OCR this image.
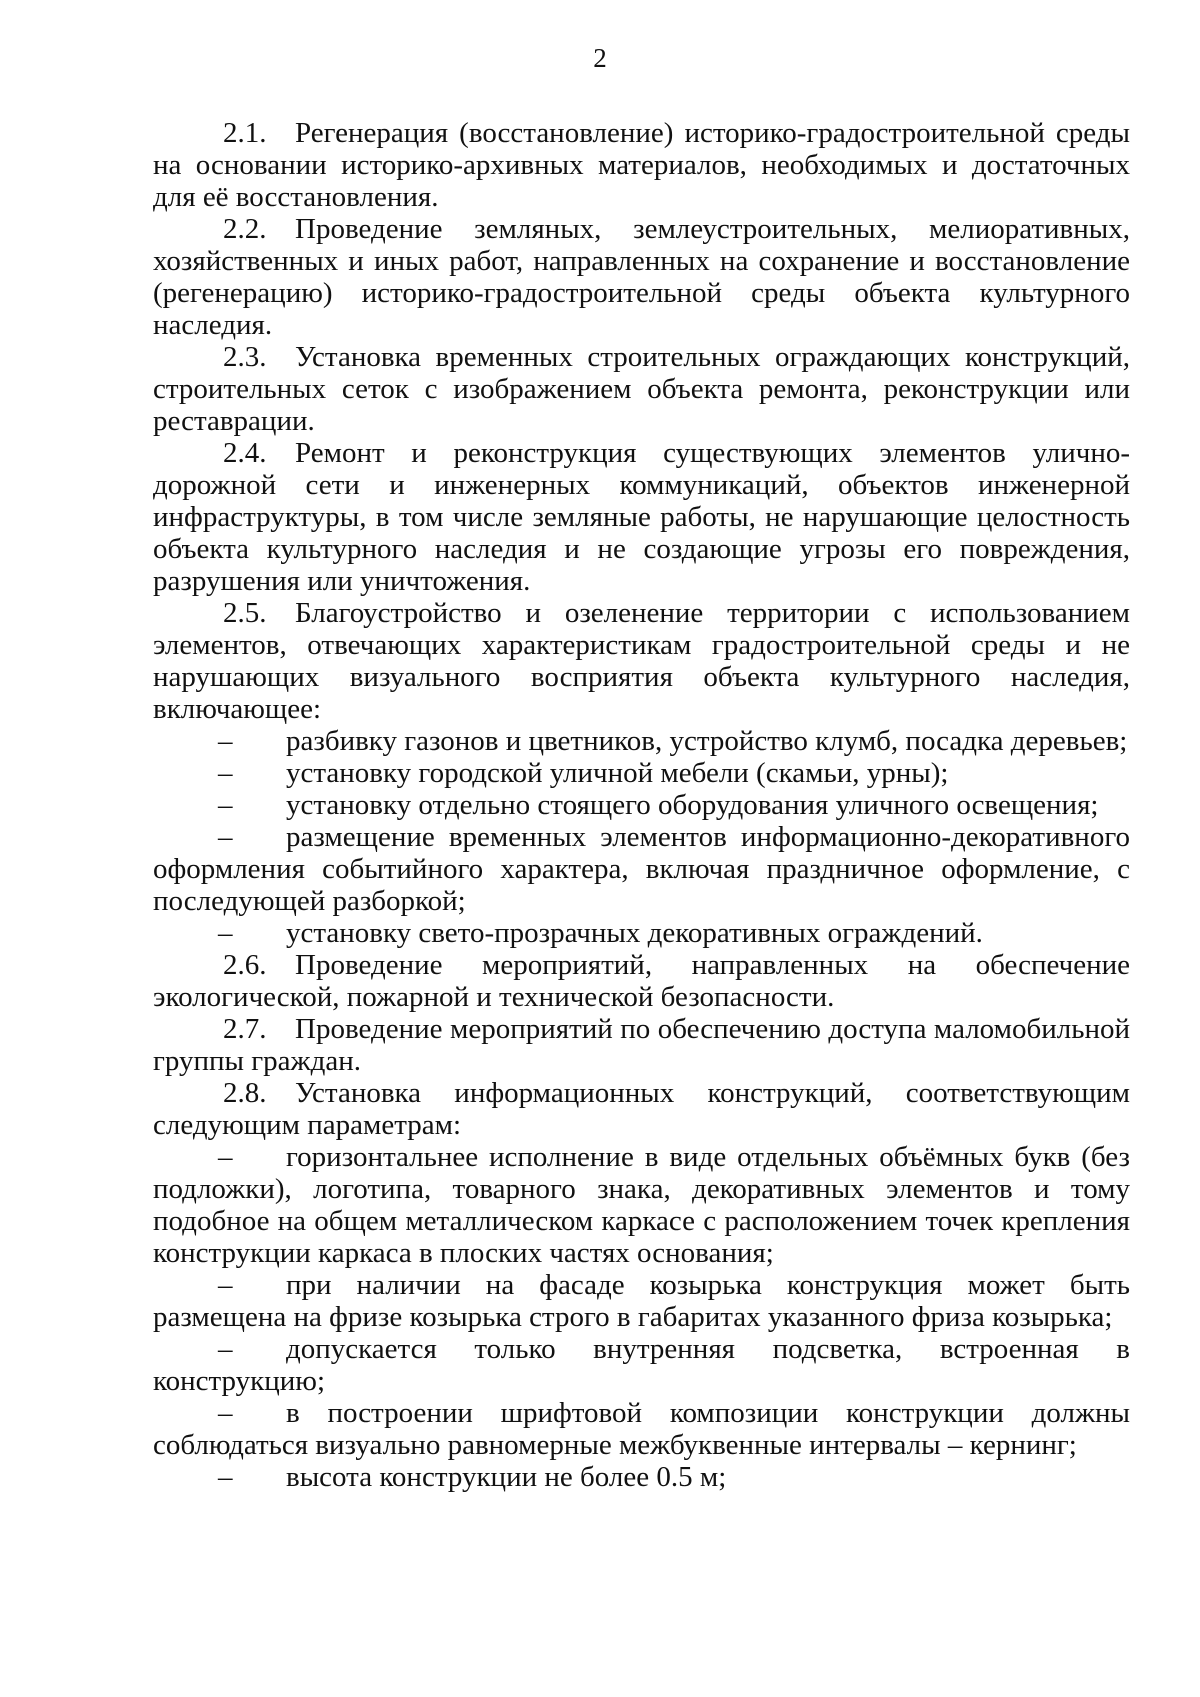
2

2.1. Регенерация (восстановление) историко-градостроительной среды на основании историко-архивных материалов, необходимых и достаточных для её восстановления.

2.2. Проведение земляных, землеустроительных, мелиоративных, хозяйственных и иных работ, направленных на сохранение и восстановление (регенерацию) историко-градостроительной среды объекта культурного наследия.

2.3. Установка временных строительных ограждающих конструкций, строительных сеток с изображением объекта ремонта, реконструкции или реставрации.

2.4. Ремонт и реконструкция существующих элементов улично-дорожной сети и инженерных коммуникаций, объектов инженерной инфраструктуры, в том числе земляные работы, не нарушающие целостность объекта культурного наследия и не создающие угрозы его повреждения, разрушения или уничтожения.

2.5. Благоустройство и озеленение территории с использованием элементов, отвечающих характеристикам градостроительной среды и не нарушающих визуального восприятия объекта культурного наследия, включающее:

– разбивку газонов и цветников, устройство клумб, посадка деревьев;

– установку городской уличной мебели (скамьи, урны);

– установку отдельно стоящего оборудования уличного освещения;

– размещение временных элементов информационно-декоративного оформления событийного характера, включая праздничное оформление, с последующей разборкой;

– установку свето-прозрачных декоративных ограждений.

2.6. Проведение мероприятий, направленных на обеспечение экологической, пожарной и технической безопасности.

2.7. Проведение мероприятий по обеспечению доступа маломобильной группы граждан.

2.8. Установка информационных конструкций, соответствующим следующим параметрам:

– горизонтальнее исполнение в виде отдельных объёмных букв (без подложки), логотипа, товарного знака, декоративных элементов и тому подобное на общем металлическом каркасе с расположением точек крепления конструкции каркаса в плоских частях основания;

– при наличии на фасаде козырька конструкция может быть размещена на фризе козырька строго в габаритах указанного фриза козырька;

– допускается только внутренняя подсветка, встроенная в конструкцию;

– в построении шрифтовой композиции конструкции должны соблюдаться визуально равномерные межбуквенные интервалы – кернинг;

– высота конструкции не более 0.5 м;
